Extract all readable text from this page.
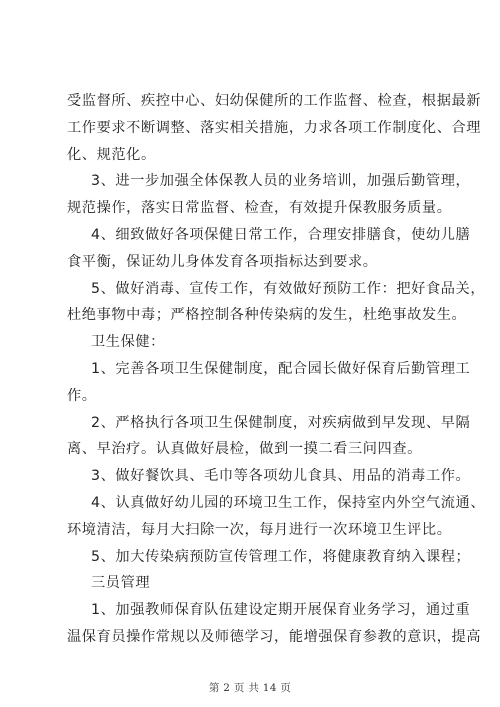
受监督所、疾控中心、妇幼保健所的工作监督、检查，根据最新

工作要求不断调整、落实相关措施，力求各项工作制度化、合理

化、规范化。

3、进一步加强全体保教人员的业务培训，加强后勤管理，

规范操作，落实日常监督、检查，有效提升保教服务质量。

4、细致做好各项保健日常工作，合理安排膳食，使幼儿膳

食平衡，保证幼儿身体发育各项指标达到要求。

5、做好消毒、宣传工作，有效做好预防工作：把好食品关，

杜绝事物中毒；严格控制各种传染病的发生，杜绝事故发生。

卫生保健：

1、完善各项卫生保健制度，配合园长做好保育后勤管理工

作。

2、严格执行各项卫生保健制度，对疾病做到早发现、早隔

离、早治疗。认真做好晨检，做到一摸二看三问四查。

3、做好餐饮具、毛巾等各项幼儿食具、用品的消毒工作。

4、认真做好幼儿园的环境卫生工作，保持室内外空气流通、

环境清洁，每月大扫除一次，每月进行一次环境卫生评比。

5、加大传染病预防宣传管理工作，将健康教育纳入课程；

三员管理

1、加强教师保育队伍建设定期开展保育业务学习，通过重

温保育员操作常规以及师德学习，能增强保育参教的意识，提高

第 2 页 共 14 页
